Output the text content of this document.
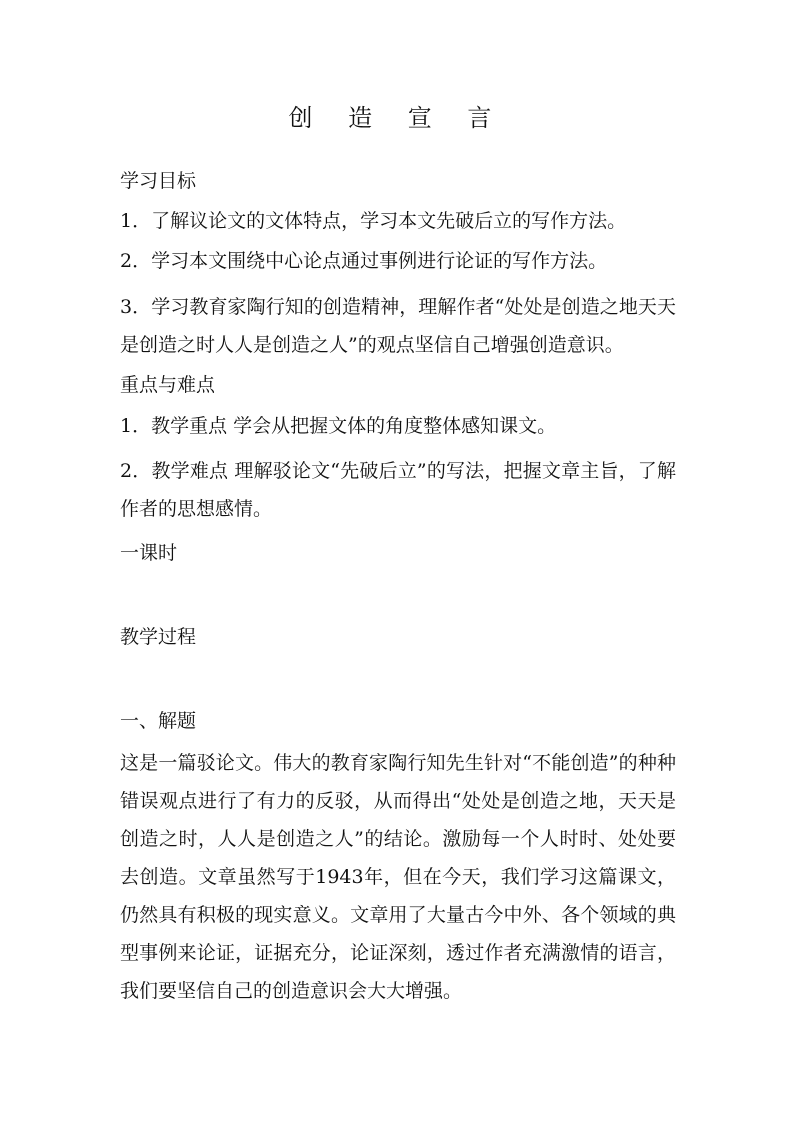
创 造 宣 言
学习目标
1．了解议论文的文体特点，学习本文先破后立的写作方法。
2．学习本文围绕中心论点通过事例进行论证的写作方法。
3．学习教育家陶行知的创造精神，理解作者“处处是创造之地天天是创造之时人人是创造之人”的观点坚信自己增强创造意识。
重点与难点
1．教学重点 学会从把握文体的角度整体感知课文。
2．教学难点 理解驳论文“先破后立”的写法，把握文章主旨，了解作者的思想感情。
一课时
教学过程
一、解题
这是一篇驳论文。伟大的教育家陶行知先生针对“不能创造”的种种错误观点进行了有力的反驳，从而得出“处处是创造之地，天天是创造之时，人人是创造之人”的结论。激励每一个人时时、处处要去创造。文章虽然写于1943年，但在今天，我们学习这篇课文，仍然具有积极的现实意义。文章用了大量古今中外、各个领域的典型事例来论证，证据充分，论证深刻，透过作者充满激情的语言，我们要坚信自己的创造意识会大大增强。
